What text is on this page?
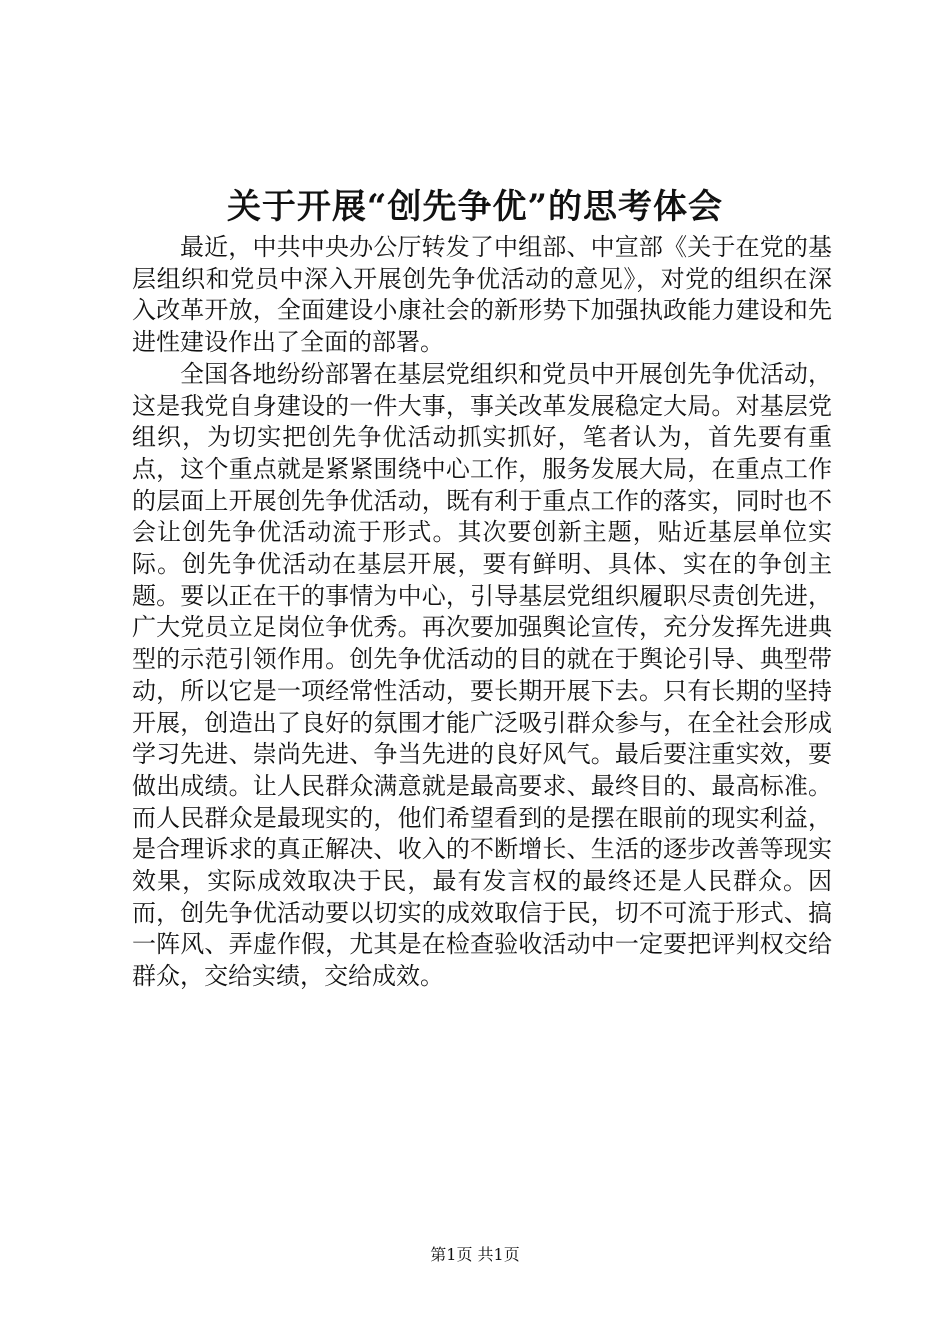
关于开展“创先争优”的思考体会

最近，中共中央办公厅转发了中组部、中宣部《关于在党的基层组织和党员中深入开展创先争优活动的意见》，对党的组织在深入改革开放，全面建设小康社会的新形势下加强执政能力建设和先进性建设作出了全面的部署。

全国各地纷纷部署在基层党组织和党员中开展创先争优活动，这是我党自身建设的一件大事，事关改革发展稳定大局。对基层党组织，为切实把创先争优活动抓实抓好，笔者认为，首先要有重点，这个重点就是紧紧围绕中心工作，服务发展大局，在重点工作的层面上开展创先争优活动，既有利于重点工作的落实，同时也不会让创先争优活动流于形式。其次要创新主题，贴近基层单位实际。创先争优活动在基层开展，要有鲜明、具体、实在的争创主题。要以正在干的事情为中心，引导基层党组织履职尽责创先进，广大党员立足岗位争优秀。再次要加强舆论宣传，充分发挥先进典型的示范引领作用。创先争优活动的目的就在于舆论引导、典型带动，所以它是一项经常性活动，要长期开展下去。只有长期的坚持开展，创造出了良好的氛围才能广泛吸引群众参与，在全社会形成学习先进、崇尚先进、争当先进的良好风气。最后要注重实效，要做出成绩。让人民群众满意就是最高要求、最终目的、最高标准。而人民群众是最现实的，他们希望看到的是摆在眼前的现实利益，是合理诉求的真正解决、收入的不断增长、生活的逐步改善等现实效果，实际成效取决于民，最有发言权的最终还是人民群众。因而，创先争优活动要以切实的成效取信于民，切不可流于形式、搞一阵风、弄虚作假，尤其是在检查验收活动中一定要把评判权交给群众，交给实绩，交给成效。

第1页 共1页
